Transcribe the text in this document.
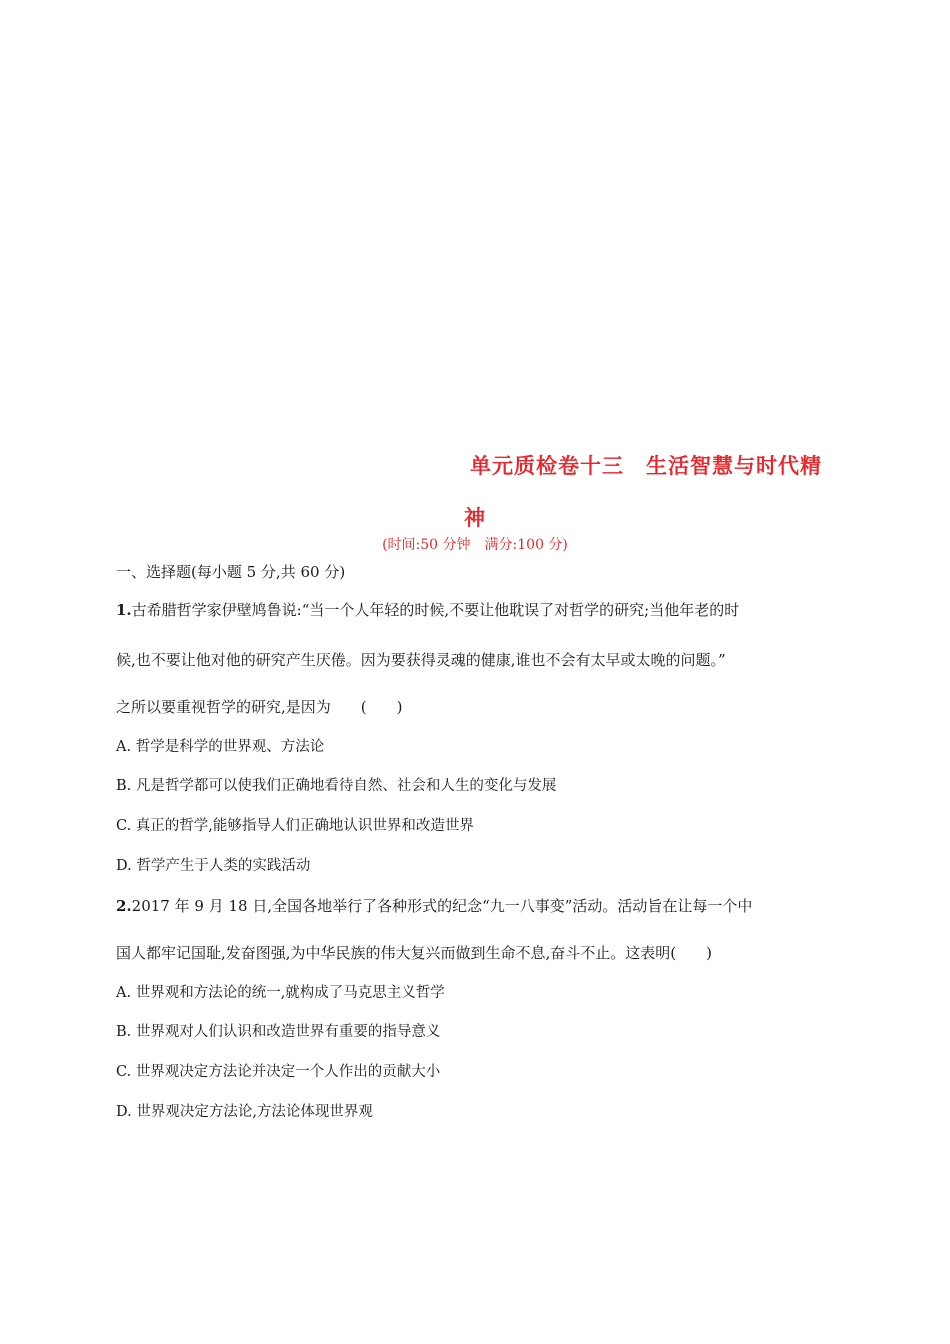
单元质检卷十三　生活智慧与时代精
神
(时间:50 分钟　满分:100 分)
一、选择题(每小题 5 分,共 60 分)
1.古希腊哲学家伊壁鸠鲁说:“当一个人年轻的时候,不要让他耽误了对哲学的研究;当他年老的时
候,也不要让他对他的研究产生厌倦。因为要获得灵魂的健康,谁也不会有太早或太晚的问题。”
之所以要重视哲学的研究,是因为　　(　　)
A. 哲学是科学的世界观、方法论
B. 凡是哲学都可以使我们正确地看待自然、社会和人生的变化与发展
C. 真正的哲学,能够指导人们正确地认识世界和改造世界
D. 哲学产生于人类的实践活动
2.2017 年 9 月 18 日,全国各地举行了各种形式的纪念“九一八事变”活动。活动旨在让每一个中
国人都牢记国耻,发奋图强,为中华民族的伟大复兴而做到生命不息,奋斗不止。这表明(　　)
A. 世界观和方法论的统一,就构成了马克思主义哲学
B. 世界观对人们认识和改造世界有重要的指导意义
C. 世界观决定方法论并决定一个人作出的贡献大小
D. 世界观决定方法论,方法论体现世界观
